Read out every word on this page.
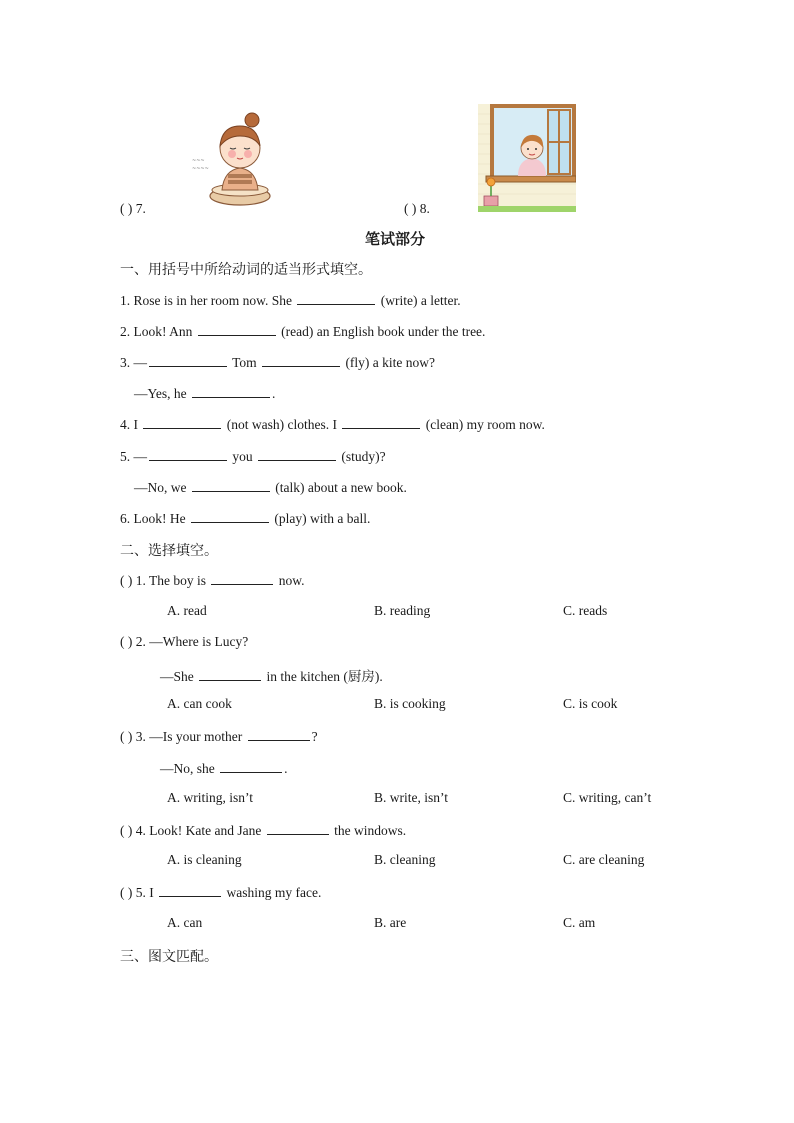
~~~
~~~~
( ) 7.	( ) 8.
笔试部分
一、用括号中所给动词的适当形式填空。
1. Rose is in her room now. She	(write) a letter.
2. Look! Ann	(read) an English book under the tree.
3. —	Tom	(fly) a kite now?
—Yes, he	.
4. I	(not wash) clothes. I	(clean) my room now.
5. —	you	(study)?
—No, we	(talk) about a new book.
6. Look! He	(play) with a ball.
二、选择填空。
( ) 1. The boy is	now.
A. read	B. reading	C. reads
( ) 2. —Where is Lucy?
—She	in the kitchen (厨房).
A. can cook	B. is cooking	C. is cook
( ) 3. —Is your mother	?
—No, she	.
A. writing, isn’t	B. write, isn’t	C. writing, can’t
( ) 4. Look! Kate and Jane	the windows.
A. is cleaning	B. cleaning	C. are cleaning
( ) 5. I	washing my face.
A. can	B. are	C. am
三、图文匹配。
